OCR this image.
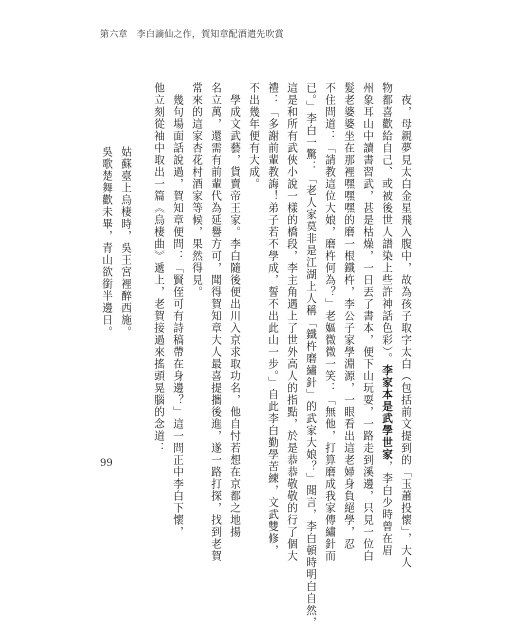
第六章 李白謫仙之作，賀知章配酒遣先吹賞
夜，母親夢見太白金星飛入腹中，故為孩子取字太白（包括前文提到的「玉蕭投懷」，大人
物都喜歡給自己、或被後世人譜染上些許神話色彩）。李家本是武學世家，李白少時曾在眉
州象耳山中讀書習武，甚是枯燥，一日丟了書本，便下山玩耍，一路走到溪邊，只見一位白
髮老婆婆坐在那裡嘿嘿嘿的磨一根鐵杵，李公子家學淵源，一眼看出這老婦身負絕學，忍
不住問道：「請教這位大娘，磨杵何為？」老嫗微微一笑：「無他，打算磨成我家傳繡針而
已。」李白一驚：「老人家莫非是江湖上人稱「鐵杵磨繡針」的武家大娘？」聞言，李白頓時明白自然，
這是和所有武俠小說一樣的橋段，李主角遇上了世外高人的指點，於是恭恭敬敬的行了個大
禮：「多謝前輩教誨！弟子若不學成，誓不出此山一步。」自此李白勤學苦練，文武雙修，
不出幾年便有大成。
學成文武藝，貨賣帝王家。李白隨後便出川入京求取功名，他自忖若想在京都之地揚
名立萬，還需有前輩代為延譽方可，聞得賀知章大人最喜提攜後進，遂一路打探，找到老賀
常來的這家杏花村酒家等候，果然得見。
幾句場面話說過，賀知章便問：「賢侄可有詩稿帶在身邊？」這一問正中李白下懷，
他立刻從袖中取出一篇《烏棲曲》遞上，老賀接過來搖頭晃腦的念道：
姑蘇臺上烏棲時，吳王宮裡醉西施。
吳歌楚舞歡未畢，青山欲銜半邊日。
99
